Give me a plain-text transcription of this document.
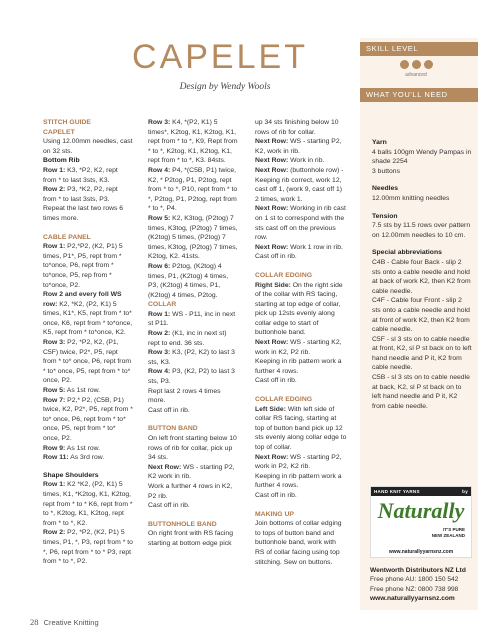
CAPELET
Design by Wendy Wools

STITCH GUIDE

CAPELET

Using 12.00mm needles, cast on 32 sts.

Bottom Rib

Row 1: K3, *P2, K2, rept from * to last 3sts, K3.

Row 2: P3, *K2, P2, rept from * to last 3sts, P3.

Repeat the last two rows 6 times more.

CABLE PANEL

Row 1: P2,*P2, (K2, P1) 5 times, P1*, P5, rept from * to*once, P6, rept from * to*once, P5, rep from * to*once, P2.

Row 2 and every foll WS row: K2, *K2, (P2, K1) 5 times, K1*, K5, rept from * to* once, K6, rept from * to*once, K5, rept from * to*once, K2.

Row 3: P2, *P2, K2, (P1, C5F) twice, P2*, P5, rept from * to* once, P6, rept from * to* once, P5, rept from * to* once, P2.

Row 5: As 1st row.

Row 7: P2,* P2, (C5B, P1) twice, K2, P2*, P5, rept from * to* once, P6, rept from * to* once, P5, rept from * to* once, P2.

Row 9: As 1st row.

Row 11: As 3rd row.

Shape Shoulders

Row 1: K2 *K2, (P2, K1) 5 times, K1, *K2tog, K1, K2tog, rept from * to * K6, rept from * to *, K2tog, K1, K2tog, rept from * to *, K2.

Row 2: P2, *P2, (K2, P1) 5 times, P1, *, P3, rept from * to *, P6, rept from * to * P3, rept from * to *, P2.

Row 3: K4, *(P2, K1) 5 times*, K2tog, K1, K2tog, K1, rept from * to *, K9, Rept from * to *, K2tog, K1, K2tog, K1, rept from * to *, K3. 84sts.

Row 4: P4, *(C5B, P1) twice, K2, * P2tog, P1, P2tog, rept from * to *, P10, rept from * to *, P2tog, P1, P2tog, rept from * to *, P4.

Row 5: K2, K3tog, (P2tog) 7 times, K3tog, (P2tog) 7 times, (K2tog) 5 times, (P2tog) 7 times, K3tog, (P2tog) 7 times, K2tog, K2. 41sts.

Row 6: P2tog, (K2tog) 4 times, P1, (K2tog) 4 times, P3, (K2tog) 4 times, P1, (K2tog) 4 times, P2tog.

COLLAR

Row 1: WS - P11, inc in next st P11.

Row 2: (K1, inc in next st) rept to end. 36 sts.

Row 3: K3, (P2, K2) to last 3 sts, K3.

Row 4: P3, (K2, P2) to last 3 sts, P3.

Rept last 2 rows 4 times more.

Cast off in rib.

BUTTON BAND

On left front starting below 10 rows of rib for collar, pick up 34 sts.

Next Row: WS - starting P2, K2 work in rib.

Work a further 4 rows in K2, P2 rib.

Cast off in rib.

BUTTONHOLE BAND

On right front with RS facing starting at bottom edge pick

up 34 sts finishing below 10 rows of rib for collar.

Next Row: WS - starting P2, K2, work in rib.

Next Row: Work in rib.

Next Row: (buttonhole row) - Keeping rib correct, work 12, cast off 1, (work 9, cast off 1) 2 times, work 1.

Next Row: Working in rib cast on 1 st to correspond with the sts cast off on the previous row.

Next Row: Work 1 row in rib.

Cast off in rib.

COLLAR EDGING

Right Side: On the right side of the collar with RS facing, starting at top edge of collar, pick up 12sts evenly along collar edge to start of buttonhole band.

Next Row: WS - starting K2, work in K2, P2 rib.

Keeping in rib pattern work a further 4 rows.

Cast off in rib.

COLLAR EDGING

Left Side: With left side of collar RS facing, starting at top of button band pick up 12 sts evenly along collar edge to top of collar.

Next Row: WS - starting P2, work in P2, K2 rib.

Keeping in rib pattern work a further 4 rows.

Cast off in rib.

MAKING UP

Join bottoms of collar edging to tops of button band and buttonhole band, work with RS of collar facing using top stitching. Sew on buttons.

SKILL LEVEL
advanced
WHAT YOU'LL NEED

Yarn

4 balls 100gm Wendy Pampas in shade 2254

3 buttons

Needles

12.00mm knitting needles

Tension

7.5 sts by 11.5 rows over pattern on 12.00mm needles to 10 cm.

Special abbreviations

C4B - Cable four Back - slip 2 sts onto a cable needle and hold at back of work K2, then K2 from cable needle.

C4F - Cable four Front - slip 2 sts onto a cable needle and hold at front of work K2, then K2 from cable needle.

C5F - sl 3 sts on to cable needle at front, K2, sl P st back on to left hand needle and P it, K2 from cable needle.

C5B - sl 3 sts on to cable needle at back, K2, sl P st back on to left hand needle and P it, K2 from cable needle.

HAND KNIT YARNS	by
Naturally
IT'S PURE
NEW ZEALAND
www.naturallyyarnsnz.com

Wentworth Distributors NZ Ltd

Free phone AU: 1800 150 542

Free phone NZ: 0800 738 998

www.naturallyyarnsnz.com

28 Creative Knitting
